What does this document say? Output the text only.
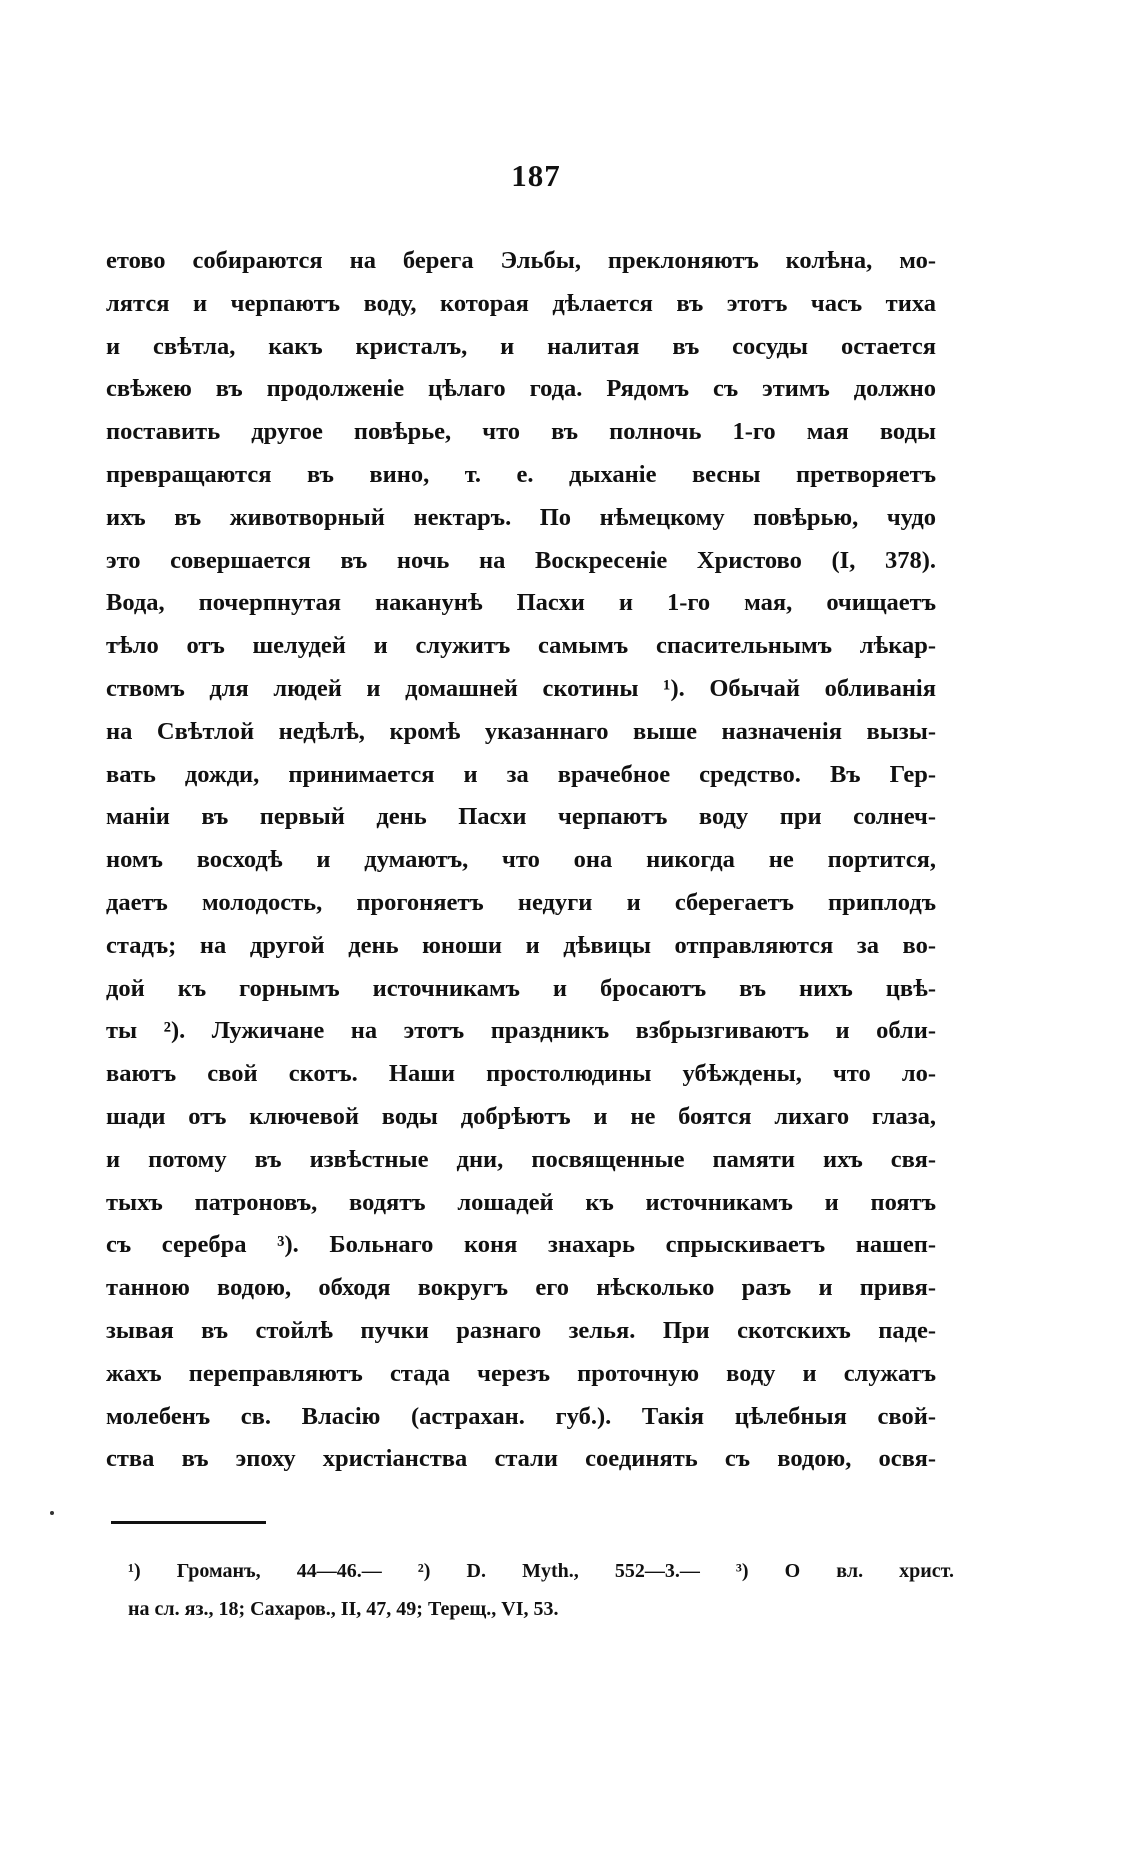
187
етово собираются на берега Эльбы, преклоняютъ колѣна, мо-
лятся и черпаютъ воду, которая дѣлается въ этотъ часъ тиха
и свѣтла, какъ кристалъ, и налитая въ сосуды остается
свѣжею въ продолженіе цѣлаго года. Рядомъ съ этимъ должно
поставить другое повѣрье, что въ полночь 1-го мая воды
превращаются въ вино, т. е. дыханіе весны претворяетъ
ихъ въ животворный нектаръ. По нѣмецкому повѣрью, чудо
это совершается въ ночь на Воскресеніе Христово (I, 378).
Вода, почерпнутая наканунѣ Пасхи и 1-го мая, очищаетъ
тѣло отъ шелудей и служитъ самымъ спасительнымъ лѣкар-
ствомъ для людей и домашней скотины ¹). Обычай обливанія
на Свѣтлой недѣлѣ, кромѣ указаннаго выше назначенія вызы-
вать дожди, принимается и за врачебное средство. Въ Гер-
маніи въ первый день Пасхи черпаютъ воду при солнеч-
номъ восходѣ и думаютъ, что она никогда не портится,
даетъ молодость, прогоняетъ недуги и сберегаетъ приплодъ
стадъ; на другой день юноши и дѣвицы отправляются за во-
дой къ горнымъ источникамъ и бросаютъ въ нихъ цвѣ-
ты ²). Лужичане на этотъ праздникъ взбрызгиваютъ и обли-
ваютъ свой скотъ. Наши простолюдины убѣждены, что ло-
шади отъ ключевой воды добрѣютъ и не боятся лихаго глаза,
и потому въ извѣстные дни, посвященные памяти ихъ свя-
тыхъ патроновъ, водятъ лошадей къ источникамъ и поятъ
съ серебра ³). Больнаго коня знахарь спрыскиваетъ нашеп-
танною водою, обходя вокругъ его нѣсколько разъ и привя-
зывая въ стойлѣ пучки разнаго зелья. При скотскихъ паде-
жахъ переправляютъ стада черезъ проточную воду и служатъ
молебенъ св. Власію (астрахан. губ.). Такія цѣлебныя свой-
ства въ эпоху христіанства стали соединять съ водою, освя-
¹) Громанъ, 44—46.— ²) D. Myth., 552—3.— ³) О вл. христ.
на сл. яз., 18; Сахаров., II, 47, 49; Терещ., VI, 53.
